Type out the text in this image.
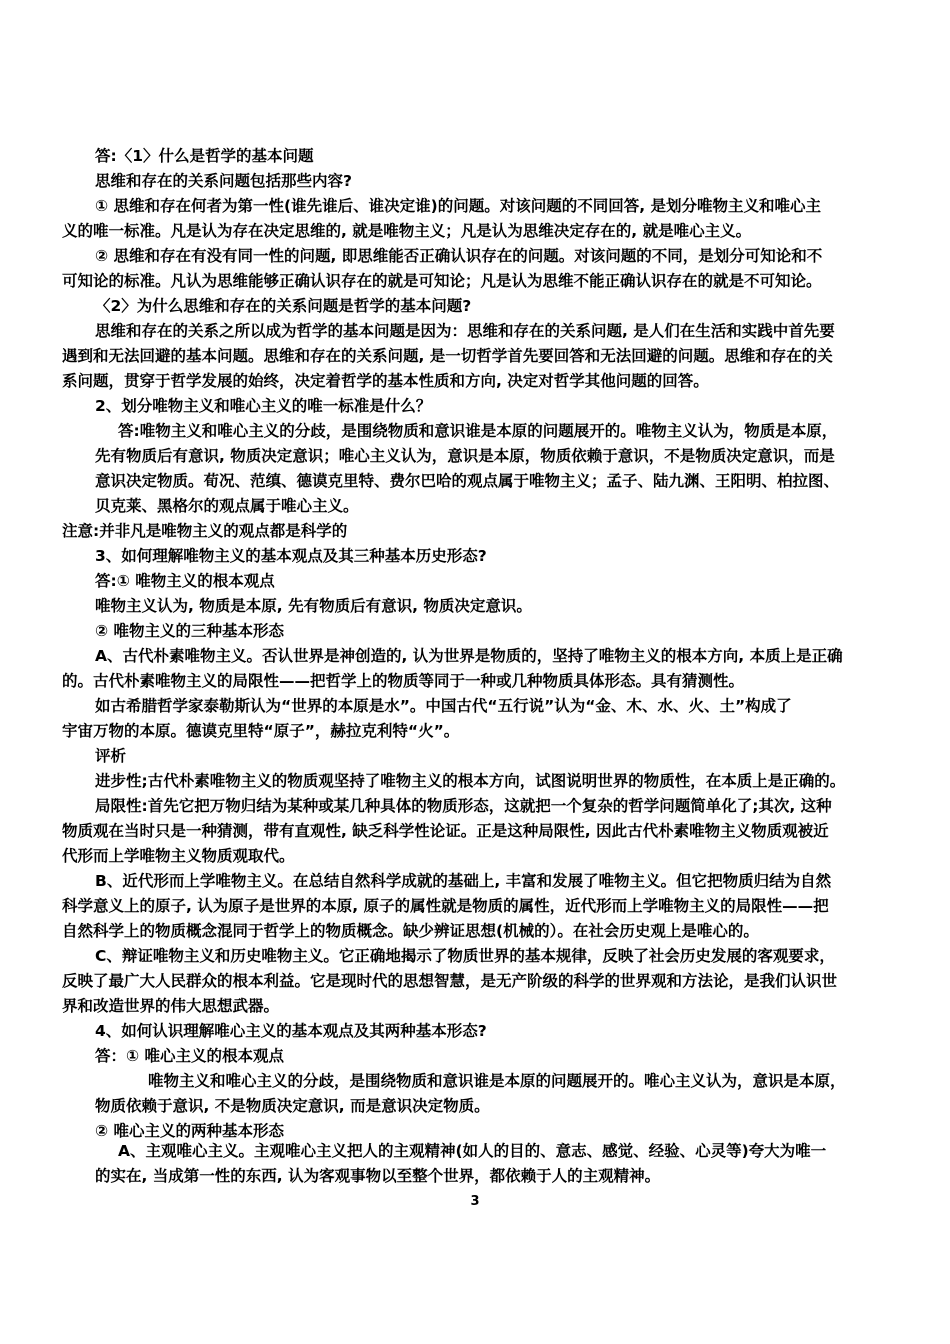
答:〈1〉什么是哲学的基本问题
思维和存在的关系问题包括那些内容?
① 思维和存在何者为第一性(谁先谁后、谁决定谁)的问题。对该问题的不同回答, 是划分唯物主义和唯心主
义的唯一标准。凡是认为存在决定思维的, 就是唯物主义；凡是认为思维决定存在的, 就是唯心主义。
② 思维和存在有没有同一性的问题, 即思维能否正确认识存在的问题。对该问题的不同，是划分可知论和不
可知论的标准。凡认为思维能够正确认识存在的就是可知论；凡是认为思维不能正确认识存在的就是不可知论。
〈2〉为什么思维和存在的关系问题是哲学的基本问题?
思维和存在的关系之所以成为哲学的基本问题是因为：思维和存在的关系问题, 是人们在生活和实践中首先要
遇到和无法回避的基本问题。思维和存在的关系问题, 是一切哲学首先要回答和无法回避的问题。思维和存在的关
系问题，贯穿于哲学发展的始终，决定着哲学的基本性质和方向, 决定对哲学其他问题的回答。
2、划分唯物主义和唯心主义的唯一标准是什么？
答:唯物主义和唯心主义的分歧，是围绕物质和意识谁是本原的问题展开的。唯物主义认为，物质是本原，
先有物质后有意识, 物质决定意识；唯心主义认为，意识是本原，物质依赖于意识，不是物质决定意识，而是
意识决定物质。荀况、范缜、德谟克里特、费尔巴哈的观点属于唯物主义；孟子、陆九渊、王阳明、柏拉图、
贝克莱、黑格尔的观点属于唯心主义。
注意:并非凡是唯物主义的观点都是科学的
3、如何理解唯物主义的基本观点及其三种基本历史形态?
答:① 唯物主义的根本观点
唯物主义认为, 物质是本原, 先有物质后有意识, 物质决定意识。
② 唯物主义的三种基本形态
A、古代朴素唯物主义。否认世界是神创造的, 认为世界是物质的，坚持了唯物主义的根本方向, 本质上是正确
的。古代朴素唯物主义的局限性——把哲学上的物质等同于一种或几种物质具体形态。具有猜测性。
如古希腊哲学家泰勒斯认为“世界的本原是水”。中国古代“五行说”认为“金、木、水、火、土”构成了
宇宙万物的本原。德谟克里特“原子”，赫拉克利特“火”。
评析
进步性;古代朴素唯物主义的物质观坚持了唯物主义的根本方向，试图说明世界的物质性，在本质上是正确的。
局限性:首先它把万物归结为某种或某几种具体的物质形态，这就把一个复杂的哲学问题简单化了;其次, 这种
物质观在当时只是一种猜测，带有直观性, 缺乏科学性论证。正是这种局限性, 因此古代朴素唯物主义物质观被近
代形而上学唯物主义物质观取代。
B、近代形而上学唯物主义。在总结自然科学成就的基础上, 丰富和发展了唯物主义。但它把物质归结为自然
科学意义上的原子, 认为原子是世界的本原, 原子的属性就是物质的属性，近代形而上学唯物主义的局限性——把
自然科学上的物质概念混同于哲学上的物质概念。缺少辨证思想(机械的）。在社会历史观上是唯心的。
C、辩证唯物主义和历史唯物主义。它正确地揭示了物质世界的基本规律，反映了社会历史发展的客观要求，
反映了最广大人民群众的根本利益。它是现时代的思想智慧，是无产阶级的科学的世界观和方法论，是我们认识世
界和改造世界的伟大思想武器。
4、如何认识理解唯心主义的基本观点及其两种基本形态?
答：① 唯心主义的根本观点
唯物主义和唯心主义的分歧，是围绕物质和意识谁是本原的问题展开的。唯心主义认为，意识是本原，
物质依赖于意识, 不是物质决定意识, 而是意识决定物质。
② 唯心主义的两种基本形态
A、主观唯心主义。主观唯心主义把人的主观精神(如人的目的、意志、感觉、经验、心灵等)夸大为唯一
的实在, 当成第一性的东西, 认为客观事物以至整个世界，都依赖于人的主观精神。
3
